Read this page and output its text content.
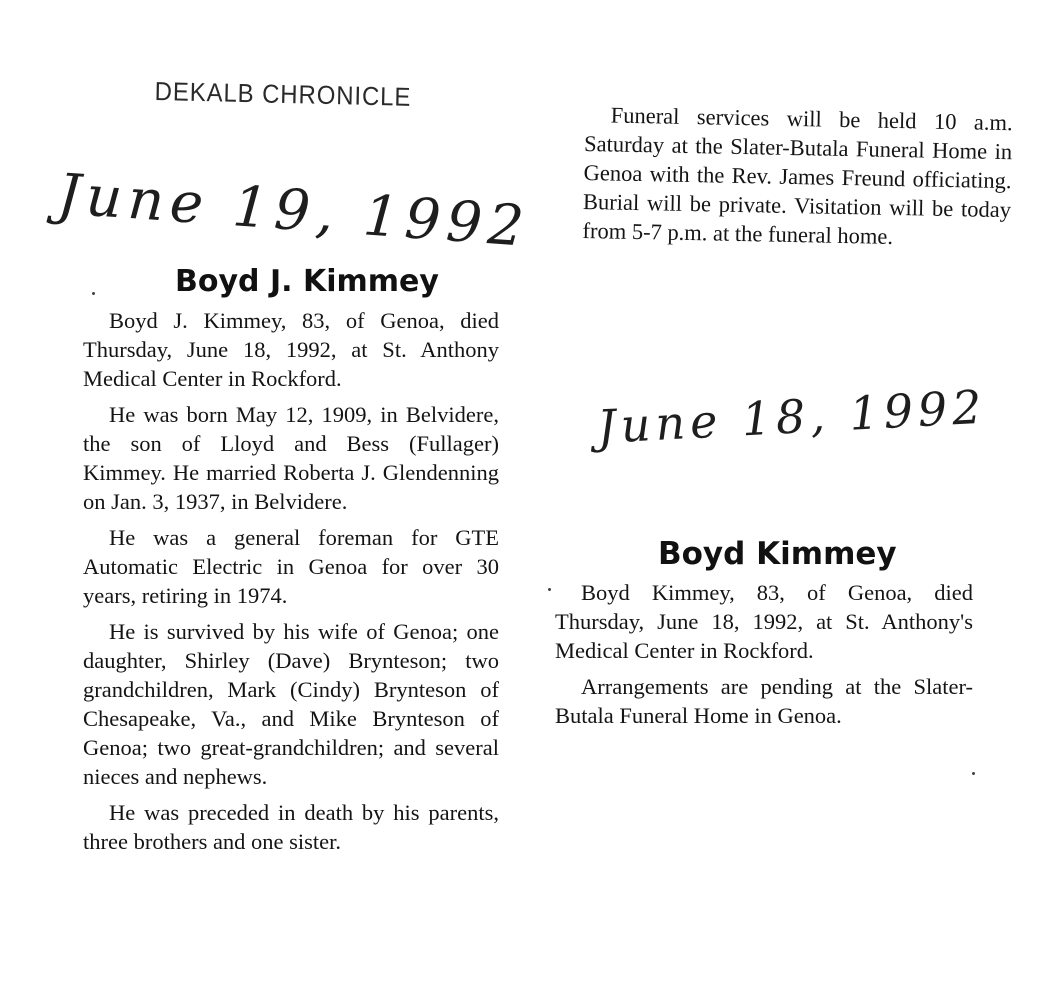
DEKALB CHRONICLE
June 19, 1992
Boyd J. Kimmey

Boyd J. Kimmey, 83, of Genoa, died Thursday, June 18, 1992, at St. Anthony Medical Center in Rockford.

He was born May 12, 1909, in Belvidere, the son of Lloyd and Bess (Fullager) Kimmey. He married Roberta J. Glendenning on Jan. 3, 1937, in Belvidere.

He was a general foreman for GTE Automatic Electric in Genoa for over 30 years, retiring in 1974.

He is survived by his wife of Genoa; one daughter, Shirley (Dave) Brynteson; two grandchildren, Mark (Cindy) Brynteson of Chesapeake, Va., and Mike Brynteson of Genoa; two great-grandchildren; and several nieces and nephews.

He was preceded in death by his parents, three brothers and one sister.

Funeral services will be held 10 a.m. Saturday at the Slater-Butala Funeral Home in Genoa with the Rev. James Freund officiating. Burial will be private. Visitation will be today from 5-7 p.m. at the funeral home.

June 18, 1992
Boyd Kimmey

Boyd Kimmey, 83, of Genoa, died Thursday, June 18, 1992, at St. Anthony's Medical Center in Rockford.

Arrangements are pending at the Slater-Butala Funeral Home in Genoa.
